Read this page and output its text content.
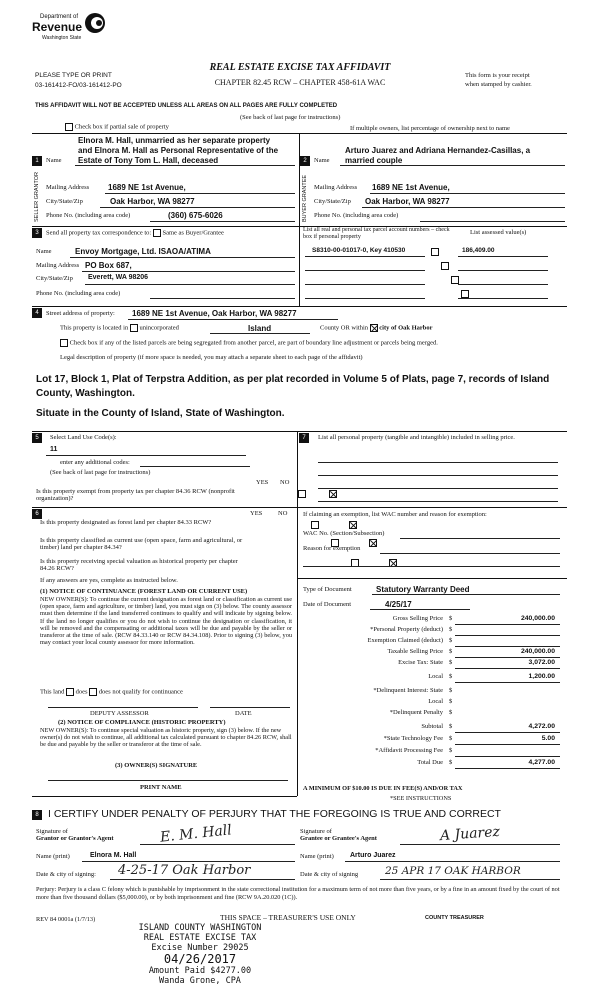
Department of
Revenue
Washington State
PLEASE TYPE OR PRINT
03-161412-FO/03-161412-PO
REAL ESTATE EXCISE TAX AFFIDAVIT
CHAPTER 82.45 RCW – CHAPTER 458-61A WAC
This form is your receipt
when stamped by cashier.
THIS AFFIDAVIT WILL NOT BE ACCEPTED UNLESS ALL AREAS ON ALL PAGES ARE FULLY COMPLETED
(See back of last page for instructions)
Check box if partial sale of property	If multiple owners, list percentage of ownership next to name
1	Name
Elnora M. Hall, unmarried as her separate property
and Elnora M. Hall as Personal Representative of the
Estate of Tony Tom L. Hall, deceased
SELLER GRANTOR Mailing Address 1689 NE 1st Avenue,
City/State/Zip	Oak Harbor, WA 98277
Phone No. (including area code)	(360) 675-6026
2	Name
Arturo Juarez and Adriana Hernandez-Casillas, a
married couple
BUYER GRANTEE Mailing Address 1689 NE 1st Avenue,
City/State/Zip Oak Harbor, WA 98277
Phone No. (including area code)
3	Send all property tax correspondence to: Same as Buyer/Grantee	List all real and personal tax parcel account numbers – check box if personal property
List assessed value(s)
Name	Envoy Mortgage, Ltd. ISAOA/ATIMA
Mailing Address PO Box 687,
City/State/Zip Everett, WA 98206
Phone No. (including area code)
S8310-00-01017-0, Key 410530	186,409.00

4	Street address of property: 1689 NE 1st Avenue, Oak Harbor, WA 98277
This property is located in unincorporated	Island	County OR within city of Oak Harbor
Check box if any of the listed parcels are being segregated from another parcel, are part of boundary line adjustment or parcels being merged.
Legal description of property (if more space is needed, you may attach a separate sheet to each page of the affidavit)
Lot 17, Block 1, Plat of Terpstra Addition, as per plat recorded in Volume 5 of Plats, page 7, records of Island County, Washington.
Situate in the County of Island, State of Washington.
5	Select Land Use Code(s):
11
enter any additional codes:
(See back of last page for instructions)
YES NO
Is this property exempt from property tax per chapter 84.36 RCW (nonprofit organization)?

6	YES NO
Is this property designated as forest land per chapter 84.33 RCW?

Is this property classified as current use (open space, farm and agricultural, or timber) land per chapter 84.34?

Is this property receiving special valuation as historical property per chapter 84.26 RCW?

If any answers are yes, complete as instructed below.
(1) NOTICE OF CONTINUANCE (FOREST LAND OR CURRENT USE)
NEW OWNER(S): To continue the current designation as forest land or classification as current use (open space, farm and agriculture, or timber) land, you must sign on (3) below. The county assessor must then determine if the land transferred continues to qualify and will indicate by signing below. If the land no longer qualifies or you do not wish to continue the designation or classification, it will be removed and the compensating or additional taxes will be due and payable by the seller or transferor at the time of sale. (RCW 84.33.140 or RCW 84.34.108). Prior to signing (3) below, you may contact your local county assessor for more information.
This land does does not qualify for continuance
DEPUTY ASSESSOR	DATE
(2) NOTICE OF COMPLIANCE (HISTORIC PROPERTY)
NEW OWNER(S): To continue special valuation as historic property, sign (3) below. If the new owner(s) do not wish to continue, all additional tax calculated pursuant to chapter 84.26 RCW, shall be due and payable by the seller or transferor at the time of sale.
(3) OWNER(S) SIGNATURE
PRINT NAME
7	List all personal property (tangible and intangible) included in selling price.
If claiming an exemption, list WAC number and reason for exemption:
WAC No. (Section/Subsection)
Reason for exemption
Type of Document	Statutory Warranty Deed
Date of Document	4/25/17
Gross Selling Price $	240,000.00
*Personal Property (deduct) $
Exemption Claimed (deduct) $
Taxable Selling Price $	240,000.00
Excise Tax: State $	3,072.00
Local $	1,200.00
*Delinquent Interest: State $
Local $
*Delinquent Penalty $
Subtotal $	4,272.00
*State Technology Fee $	5.00
*Affidavit Processing Fee $
Total Due $	4,277.00
A MINIMUM OF $10.00 IS DUE IN FEE(S) AND/OR TAX
*SEE INSTRUCTIONS
8 I CERTIFY UNDER PENALTY OF PERJURY THAT THE FOREGOING IS TRUE AND CORRECT
Signature of
Grantor or Grantor's Agent	E. M. Hall
Name (print)	Elnora M. Hall
Date & city of signing: 4-25-17 Oak Harbor
Signature of
Grantee or Grantee's Agent	A Juarez
Name (print) Arturo Juarez
Date & city of signing	25 APR 17 OAK HARBOR
Perjury: Perjury is a class C felony which is punishable by imprisonment in the state correctional institution for a maximum term of not more than five years, or by a fine in an amount fixed by the court of not more than five thousand dollars ($5,000.00), or by both imprisonment and fine (RCW 9A.20.020 (1C)).
REV 84 0001a (1/7/13)	THIS SPACE – TREASURER'S USE ONLY	COUNTY TREASURER
ISLAND COUNTY WASHINGTON
REAL ESTATE EXCISE TAX
Excise Number 29025
04/26/2017
Amount Paid $4277.00
Wanda Grone, CPA
